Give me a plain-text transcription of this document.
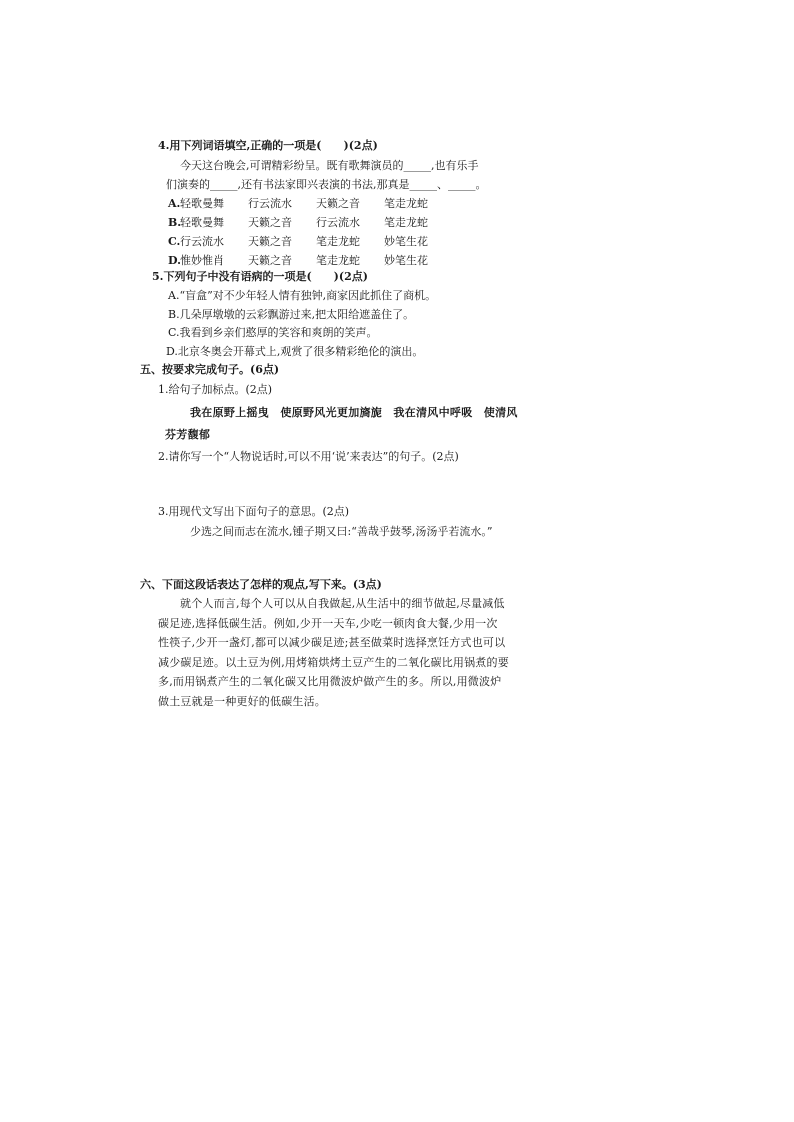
4.用下列词语填空,正确的一项是(　　)(2点)
今天这台晚会,可谓精彩纷呈。既有歌舞演员的_____,也有乐手
们演奏的_____,还有书法家即兴表演的书法,那真是_____、_____。
A. 轻歌曼舞 行云流水 天籁之音 笔走龙蛇
B.
轻歌曼舞 天籁之音 行云流水 笔走龙蛇
C. 行云流水 天籁之音 笔走龙蛇 妙笔生花
D. 惟妙惟肖 天籁之音 笔走龙蛇 妙笔生花
5.下列句子中没有语病的一项是(　　)(2点)
A.“盲盒”对不少年轻人情有独钟,商家因此抓住了商机。
B.几朵厚墩墩的云彩飘游过来,把太阳给遮盖住了。
C.我看到乡亲们憨厚的笑容和爽朗的笑声。
D.北京冬奥会开幕式上,观赏了很多精彩绝伦的演出。
五、按要求完成句子。(6点)
1.给句子加标点。(2点)
我在原野上摇曳　使原野风光更加旖旎　我在清风中呼吸　使清风
芬芳馥郁
2.请你写一个“人物说话时,可以不用‘说’来表达”的句子。(2点)
3.用现代文写出下面句子的意思。(2点)
少选之间而志在流水,锺子期又曰:“善哉乎鼓琴,汤汤乎若流水。”
六、下面这段话表达了怎样的观点,写下来。(3点)
就个人而言,每个人可以从自我做起,从生活中的细节做起,尽量减低
碳足迹,选择低碳生活。例如,少开一天车,少吃一顿肉食大餐,少用一次
性筷子,少开一盏灯,都可以减少碳足迹;甚至做菜时选择烹饪方式也可以
减少碳足迹。以土豆为例,用烤箱烘烤土豆产生的二氧化碳比用锅煮的要
多,而用锅煮产生的二氧化碳又比用微波炉做产生的多。所以,用微波炉
做土豆就是一种更好的低碳生活。
